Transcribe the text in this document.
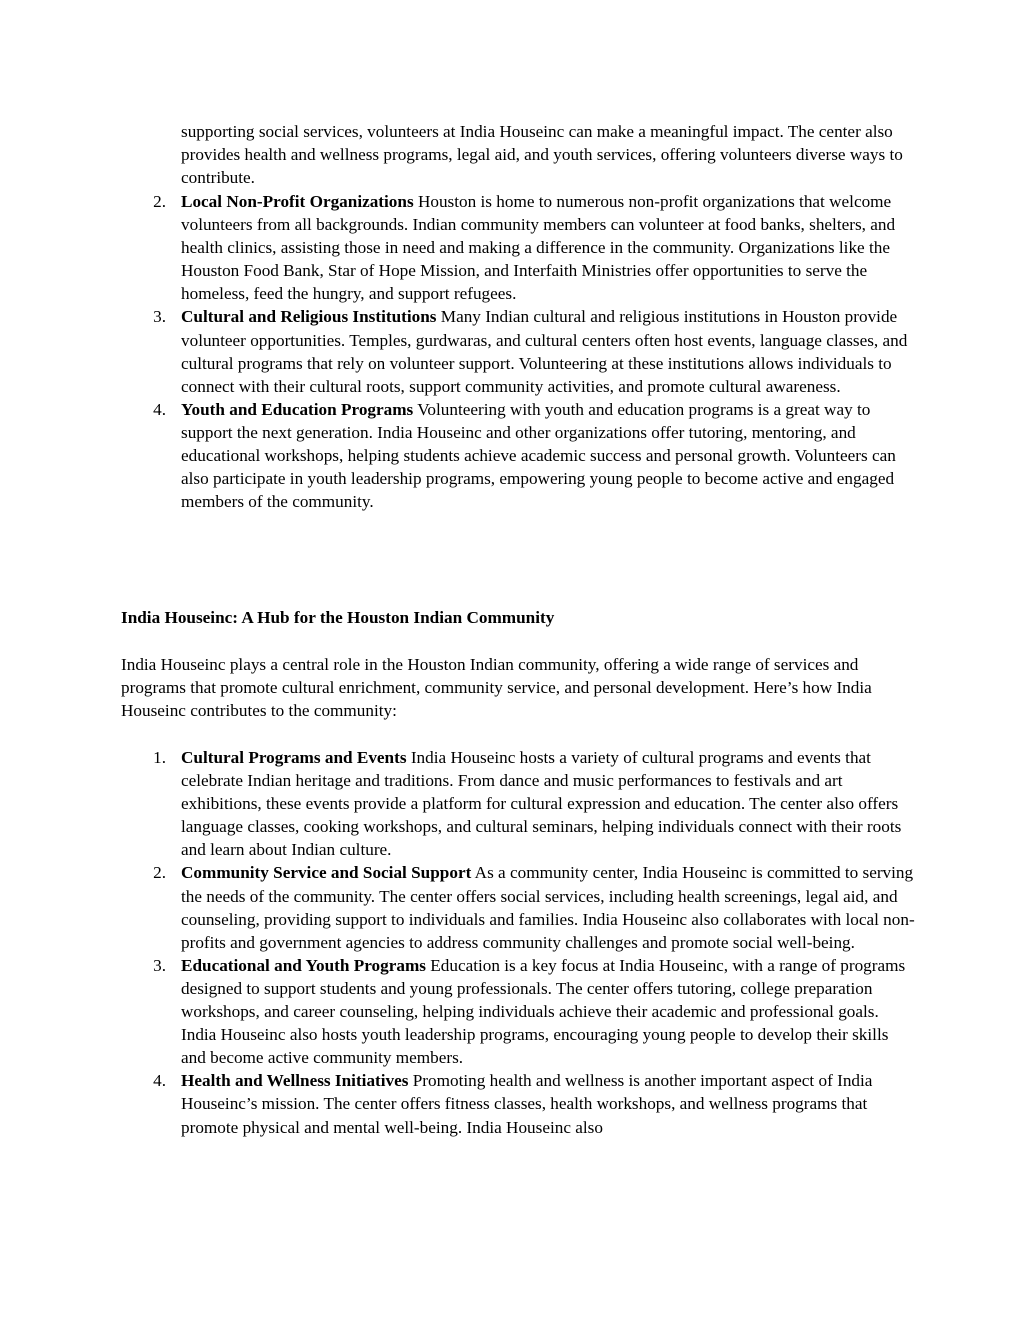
supporting social services, volunteers at India Houseinc can make a meaningful impact. The center also provides health and wellness programs, legal aid, and youth services, offering volunteers diverse ways to contribute.

2. Local Non-Profit Organizations Houston is home to numerous non-profit organizations that welcome volunteers from all backgrounds. Indian community members can volunteer at food banks, shelters, and health clinics, assisting those in need and making a difference in the community. Organizations like the Houston Food Bank, Star of Hope Mission, and Interfaith Ministries offer opportunities to serve the homeless, feed the hungry, and support refugees.
3. Cultural and Religious Institutions Many Indian cultural and religious institutions in Houston provide volunteer opportunities. Temples, gurdwaras, and cultural centers often host events, language classes, and cultural programs that rely on volunteer support. Volunteering at these institutions allows individuals to connect with their cultural roots, support community activities, and promote cultural awareness.
4. Youth and Education Programs Volunteering with youth and education programs is a great way to support the next generation. India Houseinc and other organizations offer tutoring, mentoring, and educational workshops, helping students achieve academic success and personal growth. Volunteers can also participate in youth leadership programs, empowering young people to become active and engaged members of the community.

India Houseinc: A Hub for the Houston Indian Community

India Houseinc plays a central role in the Houston Indian community, offering a wide range of services and programs that promote cultural enrichment, community service, and personal development. Here’s how India Houseinc contributes to the community:

1. Cultural Programs and Events India Houseinc hosts a variety of cultural programs and events that celebrate Indian heritage and traditions. From dance and music performances to festivals and art exhibitions, these events provide a platform for cultural expression and education. The center also offers language classes, cooking workshops, and cultural seminars, helping individuals connect with their roots and learn about Indian culture.
2. Community Service and Social Support As a community center, India Houseinc is committed to serving the needs of the community. The center offers social services, including health screenings, legal aid, and counseling, providing support to individuals and families. India Houseinc also collaborates with local non-profits and government agencies to address community challenges and promote social well-being.
3. Educational and Youth Programs Education is a key focus at India Houseinc, with a range of programs designed to support students and young professionals. The center offers tutoring, college preparation workshops, and career counseling, helping individuals achieve their academic and professional goals. India Houseinc also hosts youth leadership programs, encouraging young people to develop their skills and become active community members.
4. Health and Wellness Initiatives Promoting health and wellness is another important aspect of India Houseinc’s mission. The center offers fitness classes, health workshops, and wellness programs that promote physical and mental well-being. India Houseinc also
